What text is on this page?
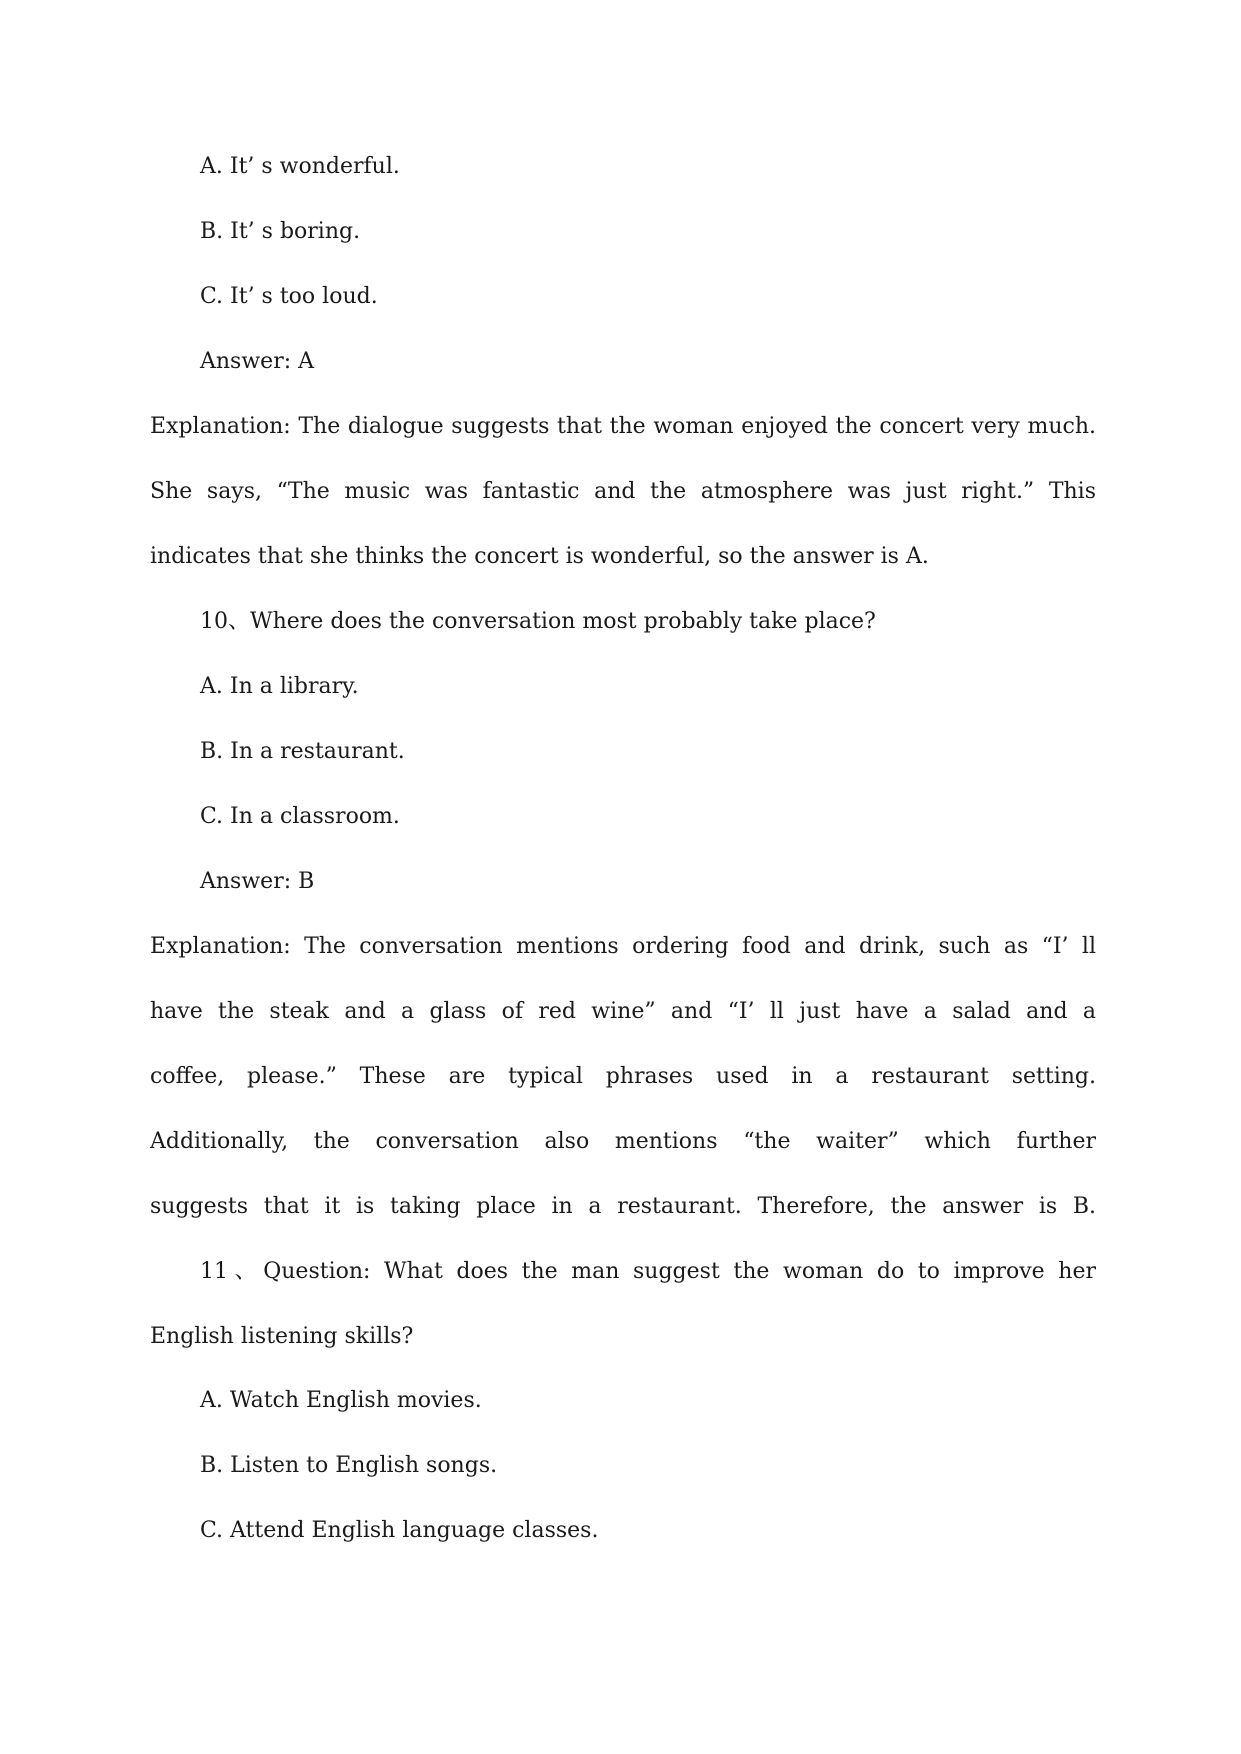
A. It’ s wonderful.
B. It’ s boring.
C. It’ s too loud.
Answer: A
Explanation: The dialogue suggests that the woman enjoyed the concert very much.
She says, “The music was fantastic and the atmosphere was just right.” This
indicates that she thinks the concert is wonderful, so the answer is A.
10、Where does the conversation most probably take place?
A. In a library.
B. In a restaurant.
C. In a classroom.
Answer: B
Explanation: The conversation mentions ordering food and drink, such as “I’ ll
have the steak and a glass of red wine” and “I’ ll just have a salad and a
coffee, please.” These are typical phrases used in a restaurant setting.
Additionally, the conversation also mentions “the waiter” which further
suggests that it is taking place in a restaurant. Therefore, the answer is B.
11、Question: What does the man suggest the woman do to improve her
English listening skills?
A. Watch English movies.
B. Listen to English songs.
C. Attend English language classes.
